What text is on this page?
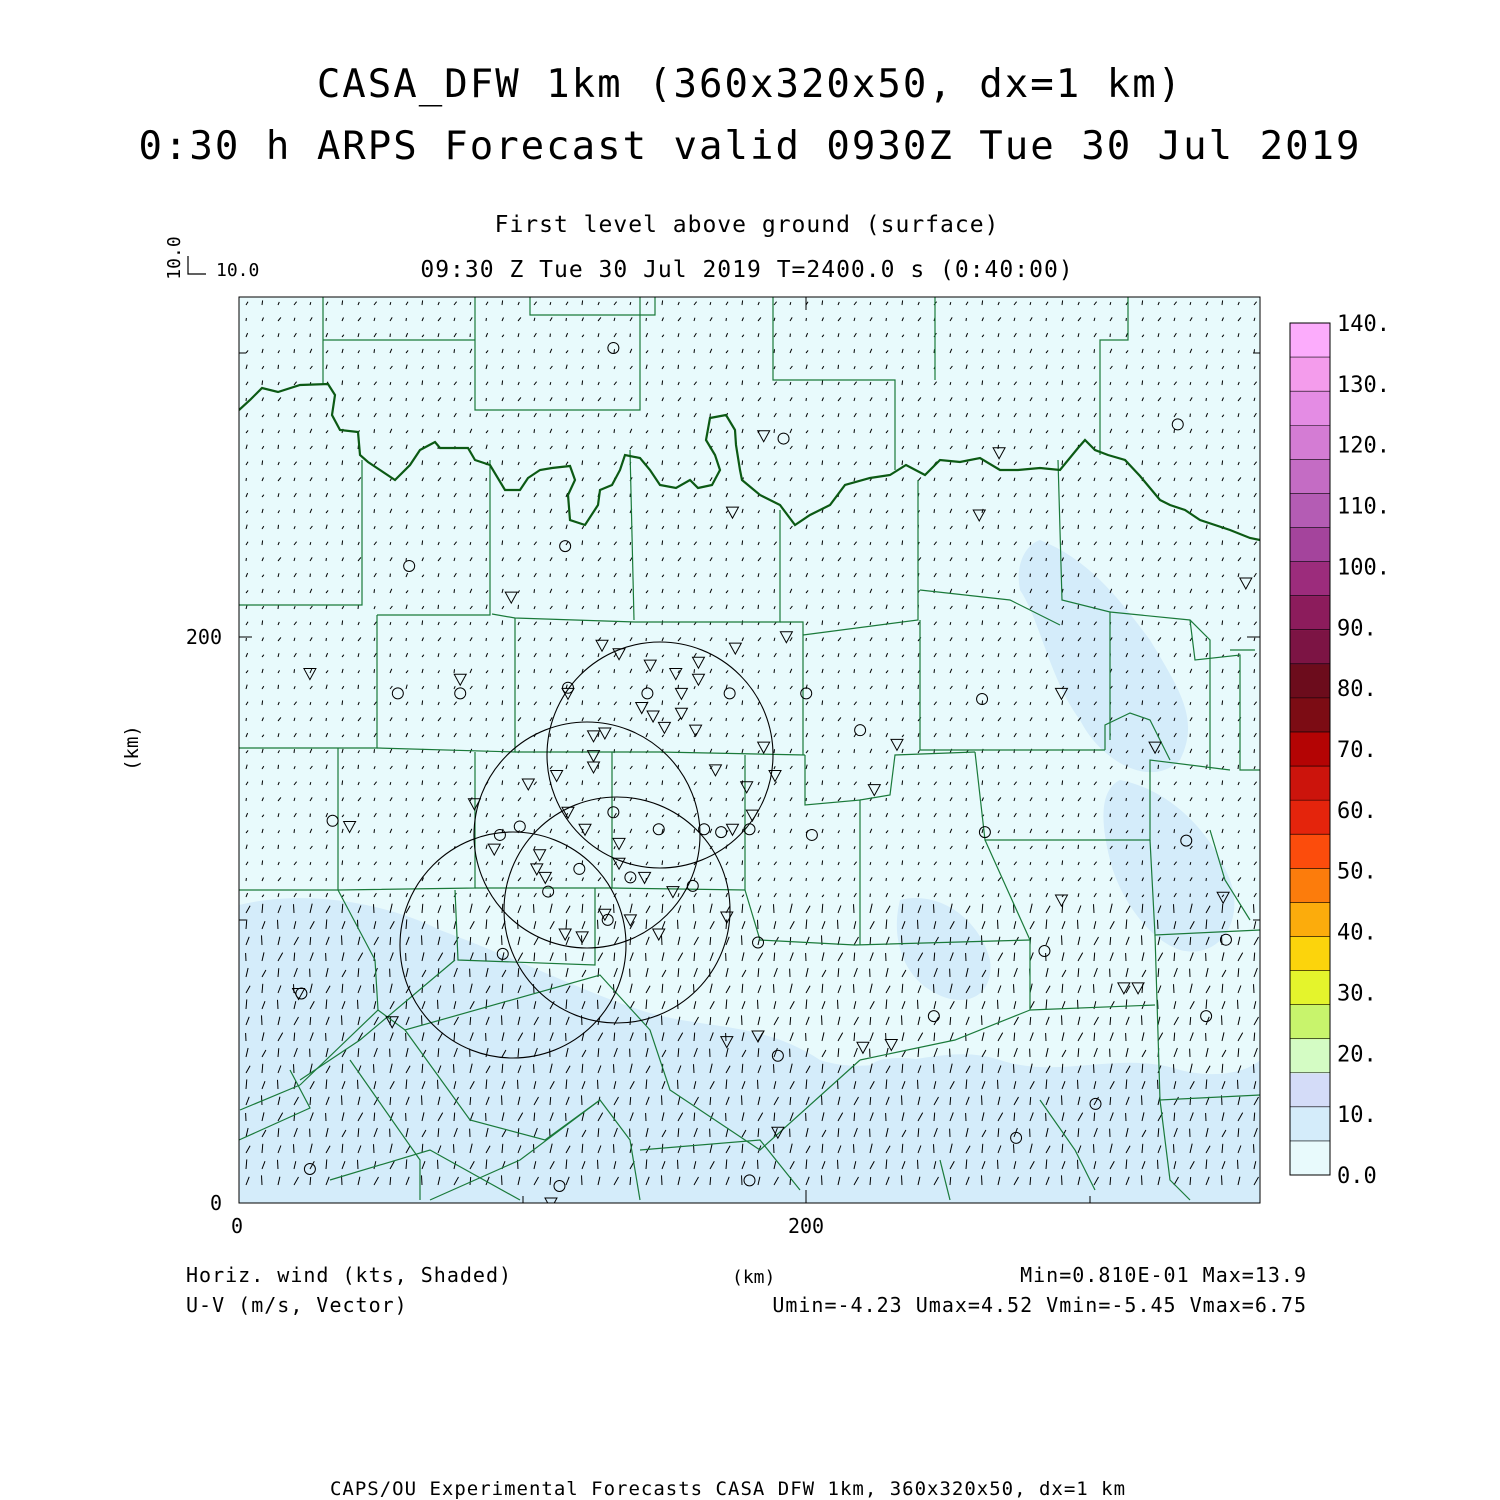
CASA_DFW 1km (360x320x50, dx=1 km)
0:30 h ARPS Forecast valid 0930Z Tue 30 Jul 2019
First level above ground (surface)
09:30 Z Tue 30 Jul 2019 T=2400.0 s (0:40:00)
0	200
0
200
(km)
10.0
10.0
0.0
10.
20.
30.
40.
50.
60.
70.
80.
90.
100.
110.
120.
130.
140.
Horiz. wind (kts, Shaded)
U-V (m/s, Vector)
(km)	Min=0.810E-01 Max=13.9
Umin=-4.23 Umax=4.52 Vmin=-5.45 Vmax=6.75
CAPS/OU Experimental Forecasts CASA DFW 1km, 360x320x50, dx=1 km
